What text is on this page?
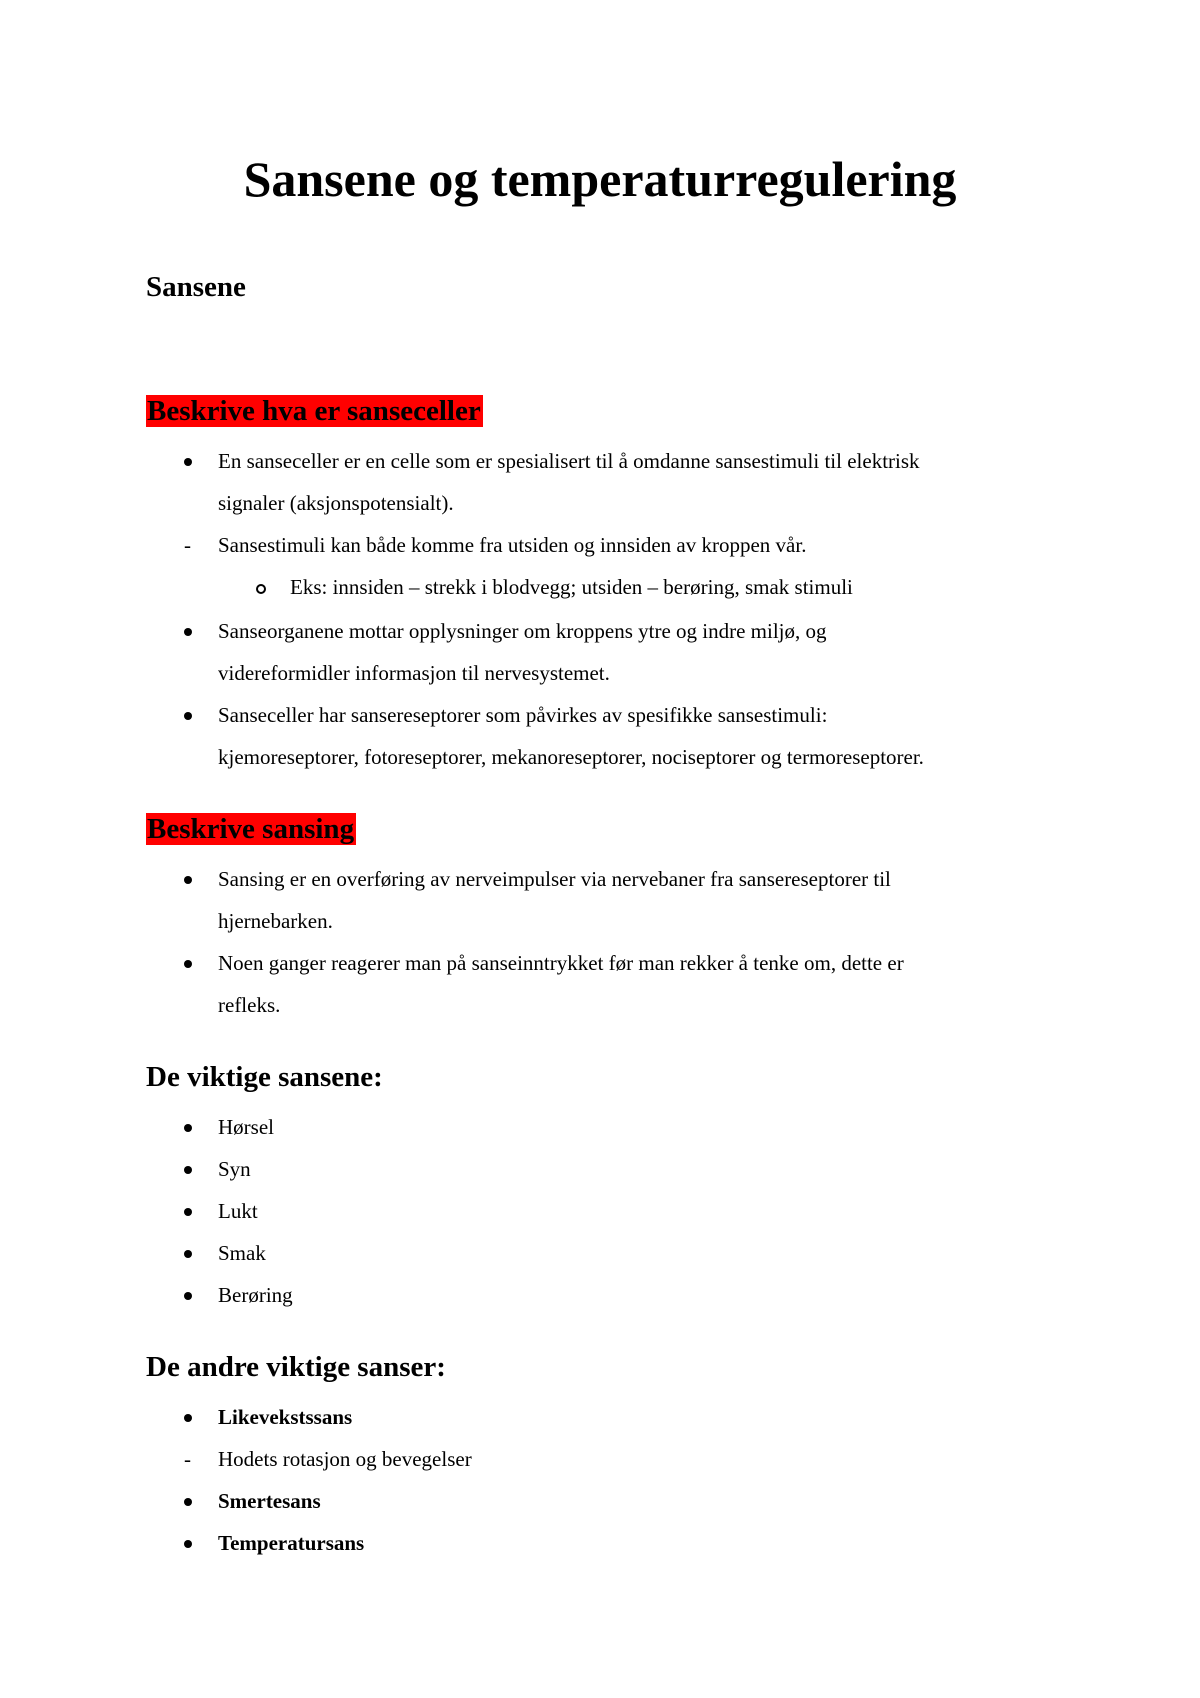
Sansene og temperaturregulering
Sansene
Beskrive hva er sanseceller
En sanseceller er en celle som er spesialisert til å omdanne sansestimuli til elektrisk
signaler (aksjonspotensialt).
- Sansestimuli kan både komme fra utsiden og innsiden av kroppen vår.
Eks: innsiden – strekk i blodvegg; utsiden – berøring, smak stimuli
Sanseorganene mottar opplysninger om kroppens ytre og indre miljø, og
videreformidler informasjon til nervesystemet.
Sanseceller har sansereseptorer som påvirkes av spesifikke sansestimuli:
kjemoreseptorer, fotoreseptorer, mekanoreseptorer, nociseptorer og termoreseptorer.
Beskrive sansing
Sansing er en overføring av nerveimpulser via nervebaner fra sansereseptorer til
hjernebarken.
Noen ganger reagerer man på sanseinntrykket før man rekker å tenke om, dette er
refleks.
De viktige sansene:
Hørsel
Syn
Lukt
Smak
Berøring
De andre viktige sanser:
Likevekstssans
- Hodets rotasjon og bevegelser
Smertesans
Temperatursans
